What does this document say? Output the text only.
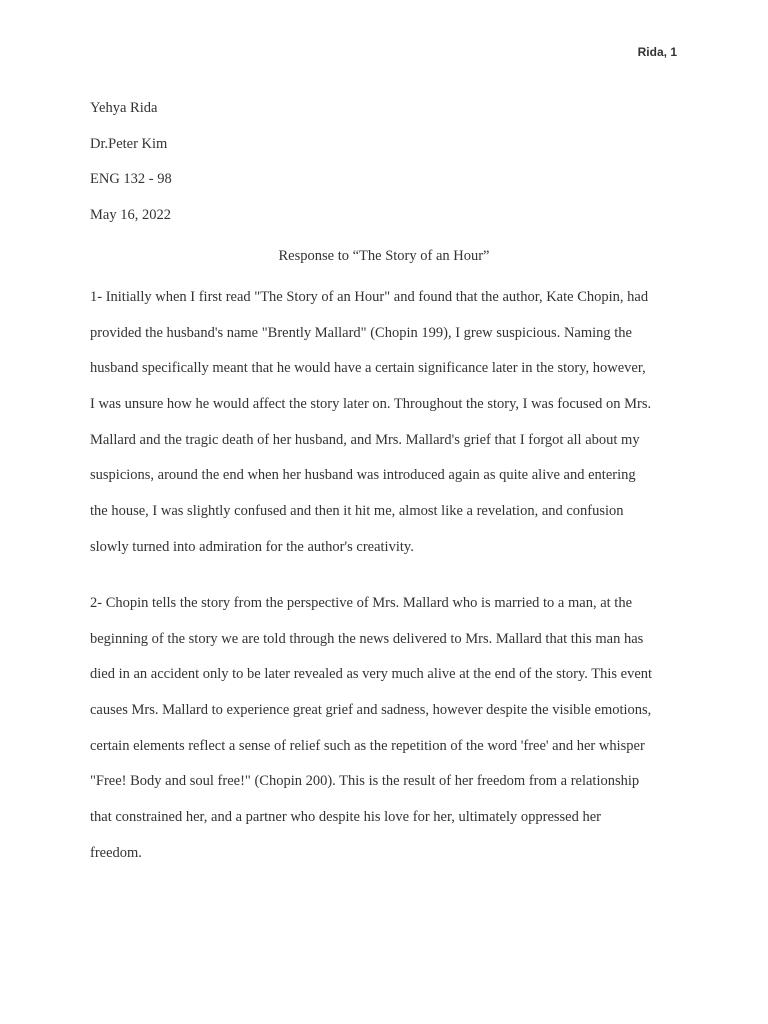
Rida, 1
Yehya Rida
Dr.Peter Kim
ENG 132 - 98
May 16, 2022
Response to “The Story of an Hour”
1- Initially when I first read "The Story of an Hour" and found that the author, Kate Chopin, had
provided the husband's name "Brently Mallard" (Chopin 199), I grew suspicious. Naming the
husband specifically meant that he would have a certain significance later in the story, however,
I was unsure how he would affect the story later on. Throughout the story, I was focused on Mrs.
Mallard and the tragic death of her husband, and Mrs. Mallard's grief that I forgot all about my
suspicions, around the end when her husband was introduced again as quite alive and entering
the house, I was slightly confused and then it hit me, almost like a revelation, and confusion
slowly turned into admiration for the author's creativity.
2- Chopin tells the story from the perspective of Mrs. Mallard who is married to a man, at the
beginning of the story we are told through the news delivered to Mrs. Mallard that this man has
died in an accident only to be later revealed as very much alive at the end of the story. This event
causes Mrs. Mallard to experience great grief and sadness, however despite the visible emotions,
certain elements reflect a sense of relief such as the repetition of the word 'free' and her whisper
"Free! Body and soul free!" (Chopin 200). This is the result of her freedom from a relationship
that constrained her, and a partner who despite his love for her, ultimately oppressed her
freedom.
